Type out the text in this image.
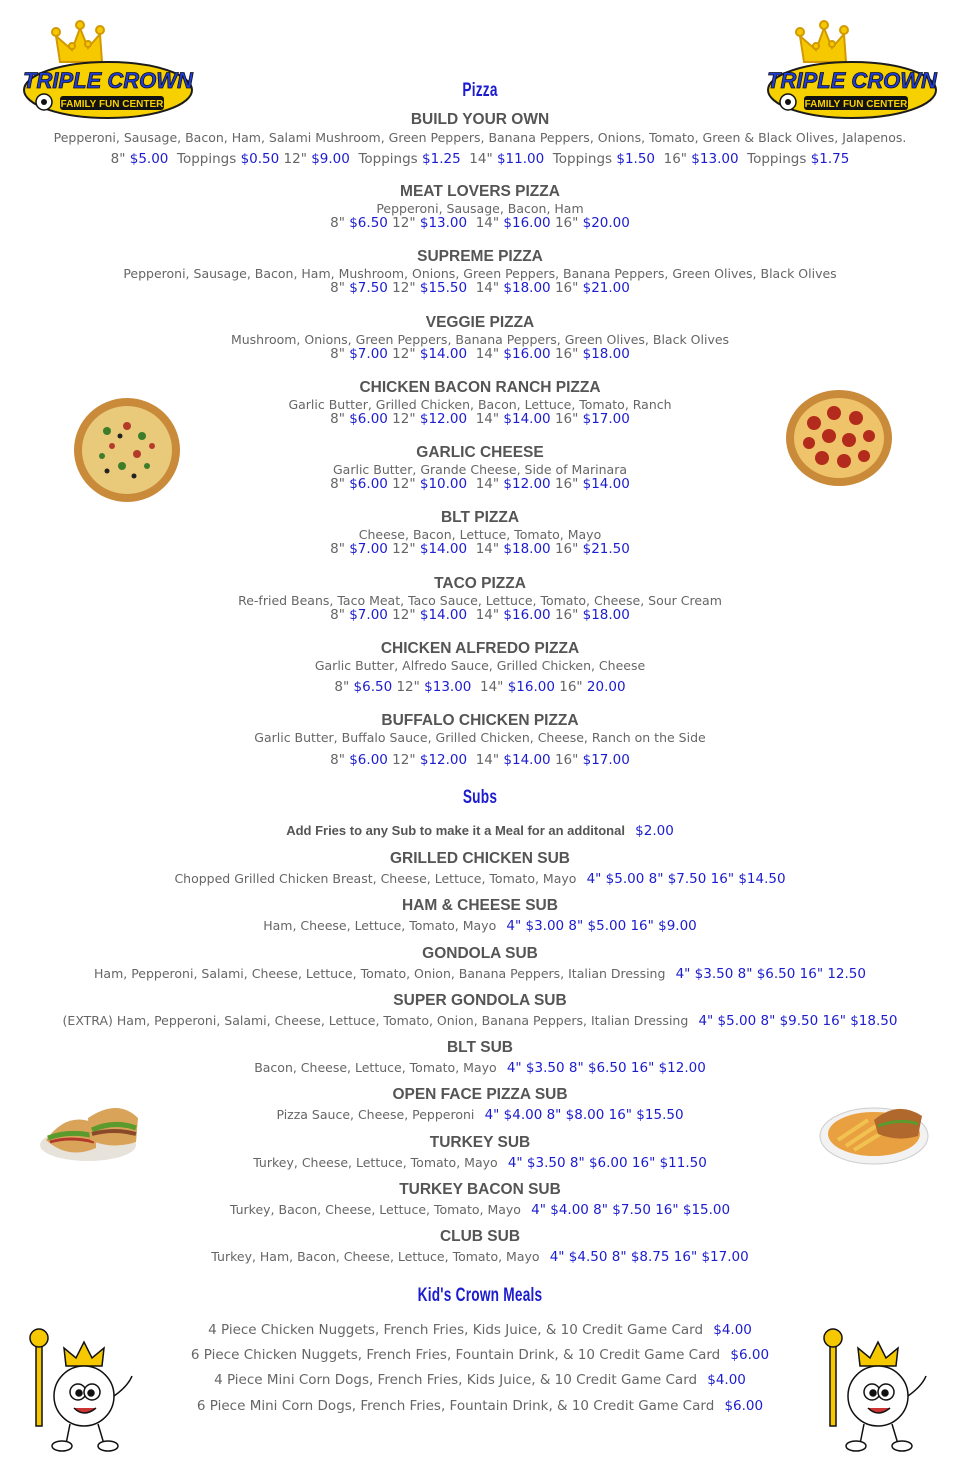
TRIPLE CROWN
FAMILY FUN CENTER
TRIPLE CROWN
FAMILY FUN CENTER
Pizza
BUILD YOUR OWN
Pepperoni, Sausage, Bacon, Ham, Salami Mushroom, Green Peppers, Banana Peppers, Onions, Tomato, Green & Black Olives, Jalapenos.
8" $5.00 Toppings $0.50 12" $9.00 Toppings $1.25 14" $11.00 Toppings $1.50 16" $13.00 Toppings $1.75
MEAT LOVERS PIZZA
Pepperoni, Sausage, Bacon, Ham
8" $6.50 12" $13.00 14" $16.00 16" $20.00
SUPREME PIZZA
Pepperoni, Sausage, Bacon, Ham, Mushroom, Onions, Green Peppers, Banana Peppers, Green Olives, Black Olives
8" $7.50 12" $15.50 14" $18.00 16" $21.00
VEGGIE PIZZA
Mushroom, Onions, Green Peppers, Banana Peppers, Green Olives, Black Olives
8" $7.00 12" $14.00 14" $16.00 16" $18.00
CHICKEN BACON RANCH PIZZA
Garlic Butter, Grilled Chicken, Bacon, Lettuce, Tomato, Ranch
8" $6.00 12" $12.00 14" $14.00 16" $17.00
GARLIC CHEESE
Garlic Butter, Grande Cheese, Side of Marinara
8" $6.00 12" $10.00 14" $12.00 16" $14.00
BLT PIZZA
Cheese, Bacon, Lettuce, Tomato, Mayo
8" $7.00 12" $14.00 14" $18.00 16" $21.50
TACO PIZZA
Re-fried Beans, Taco Meat, Taco Sauce, Lettuce, Tomato, Cheese, Sour Cream
8" $7.00 12" $14.00 14" $16.00 16" $18.00
CHICKEN ALFREDO PIZZA
Garlic Butter, Alfredo Sauce, Grilled Chicken, Cheese
8" $6.50 12" $13.00 14" $16.00 16" 20.00
BUFFALO CHICKEN PIZZA
Garlic Butter, Buffalo Sauce, Grilled Chicken, Cheese, Ranch on the Side
8" $6.00 12" $12.00 14" $14.00 16" $17.00
Subs
Add Fries to any Sub to make it a Meal for an additonal $2.00
GRILLED CHICKEN SUB
Chopped Grilled Chicken Breast, Cheese, Lettuce, Tomato, Mayo 4" $5.00 8" $7.50 16" $14.50
HAM & CHEESE SUB
Ham, Cheese, Lettuce, Tomato, Mayo 4" $3.00 8" $5.00 16" $9.00
GONDOLA SUB
Ham, Pepperoni, Salami, Cheese, Lettuce, Tomato, Onion, Banana Peppers, Italian Dressing 4" $3.50 8" $6.50 16" 12.50
SUPER GONDOLA SUB
(EXTRA) Ham, Pepperoni, Salami, Cheese, Lettuce, Tomato, Onion, Banana Peppers, Italian Dressing 4" $5.00 8" $9.50 16" $18.50
BLT SUB
Bacon, Cheese, Lettuce, Tomato, Mayo 4" $3.50 8" $6.50 16" $12.00
OPEN FACE PIZZA SUB
Pizza Sauce, Cheese, Pepperoni 4" $4.00 8" $8.00 16" $15.50
TURKEY SUB
Turkey, Cheese, Lettuce, Tomato, Mayo 4" $3.50 8" $6.00 16" $11.50
TURKEY BACON SUB
Turkey, Bacon, Cheese, Lettuce, Tomato, Mayo 4" $4.00 8" $7.50 16" $15.00
CLUB SUB
Turkey, Ham, Bacon, Cheese, Lettuce, Tomato, Mayo 4" $4.50 8" $8.75 16" $17.00
Kid's Crown Meals
4 Piece Chicken Nuggets, French Fries, Kids Juice, & 10 Credit Game Card $4.00
6 Piece Chicken Nuggets, French Fries, Fountain Drink, & 10 Credit Game Card $6.00
4 Piece Mini Corn Dogs, French Fries, Kids Juice, & 10 Credit Game Card $4.00
6 Piece Mini Corn Dogs, French Fries, Fountain Drink, & 10 Credit Game Card $6.00
